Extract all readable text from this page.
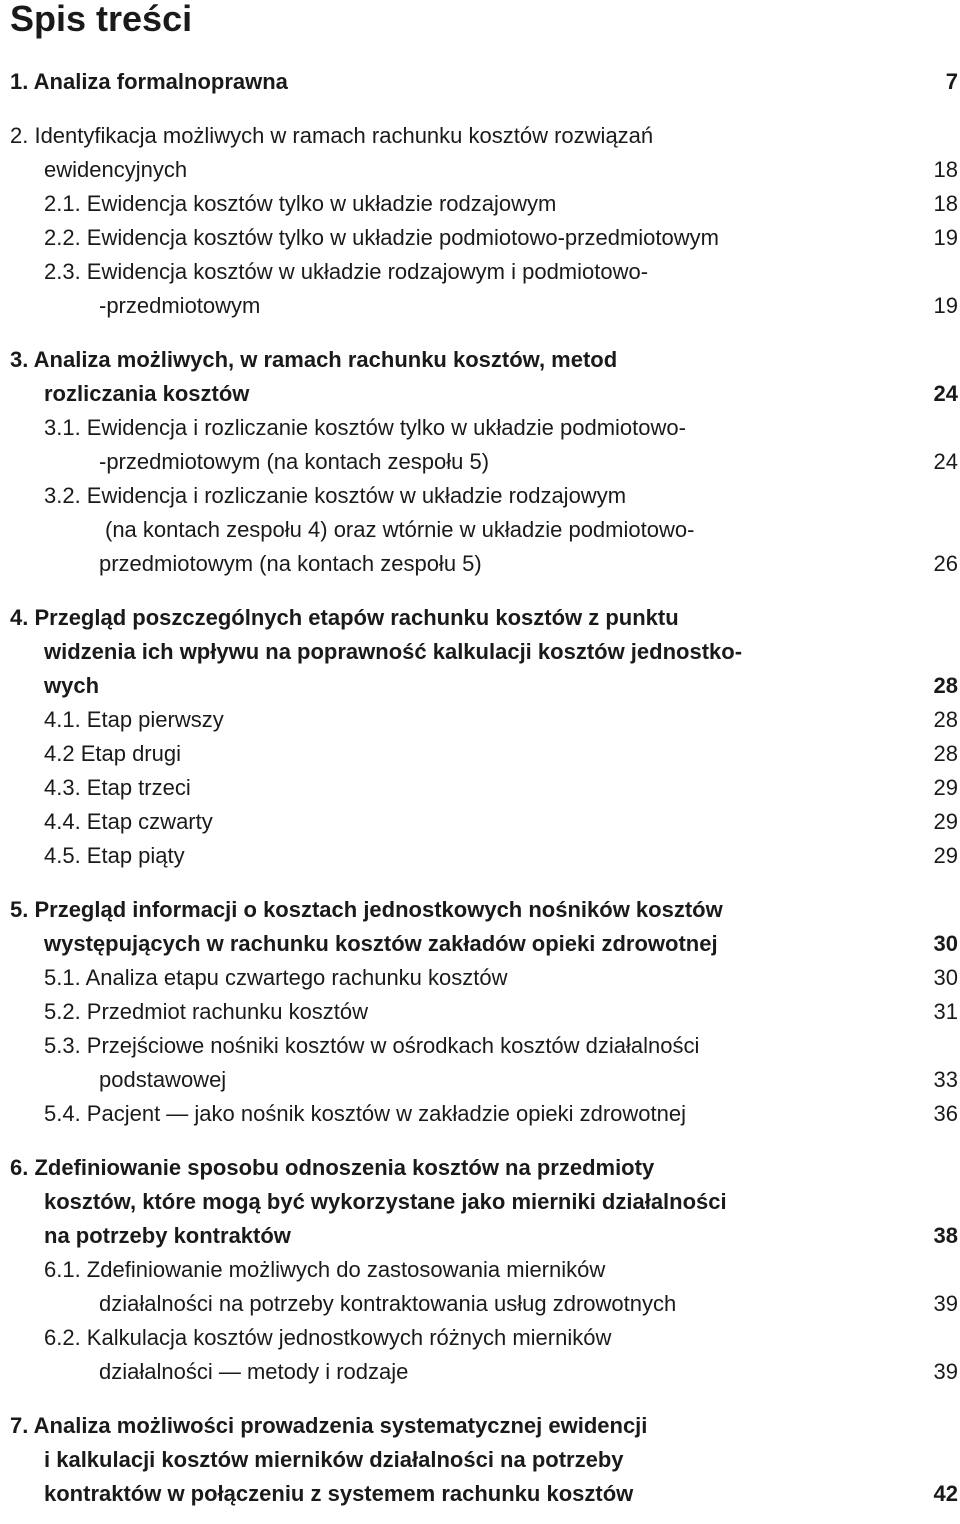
Spis treści
1. Analiza formalnoprawna	7
2. Identyfikacja możliwych w ramach rachunku kosztów rozwiązań
ewidencyjnych	18
2.1. Ewidencja kosztów tylko w układzie rodzajowym	18
2.2. Ewidencja kosztów tylko w układzie podmiotowo-przedmiotowym	19
2.3. Ewidencja kosztów w układzie rodzajowym i podmiotowo-
-przedmiotowym	19
3. Analiza możliwych, w ramach rachunku kosztów, metod
rozliczania kosztów	24
3.1. Ewidencja i rozliczanie kosztów tylko w układzie podmiotowo-
-przedmiotowym (na kontach zespołu 5)	24
3.2. Ewidencja i rozliczanie kosztów w układzie rodzajowym
(na kontach zespołu 4) oraz wtórnie w układzie podmiotowo-
przedmiotowym (na kontach zespołu 5)	26
4. Przegląd poszczególnych etapów rachunku kosztów z punktu
widzenia ich wpływu na poprawność kalkulacji kosztów jednostko-
wych	28
4.1. Etap pierwszy	28
4.2 Etap drugi	28
4.3. Etap trzeci	29
4.4. Etap czwarty	29
4.5. Etap piąty	29
5. Przegląd informacji o kosztach jednostkowych nośników kosztów
występujących w rachunku kosztów zakładów opieki zdrowotnej	30
5.1. Analiza etapu czwartego rachunku kosztów	30
5.2. Przedmiot rachunku kosztów	31
5.3. Przejściowe nośniki kosztów w ośrodkach kosztów działalności
podstawowej	33
5.4. Pacjent — jako nośnik kosztów w zakładzie opieki zdrowotnej	36
6. Zdefiniowanie sposobu odnoszenia kosztów na przedmioty
kosztów, które mogą być wykorzystane jako mierniki działalności
na potrzeby kontraktów	38
6.1. Zdefiniowanie możliwych do zastosowania mierników
działalności na potrzeby kontraktowania usług zdrowotnych	39
6.2. Kalkulacja kosztów jednostkowych różnych mierników
działalności — metody i rodzaje	39
7. Analiza możliwości prowadzenia systematycznej ewidencji
i kalkulacji kosztów mierników działalności na potrzeby
kontraktów w połączeniu z systemem rachunku kosztów	42
